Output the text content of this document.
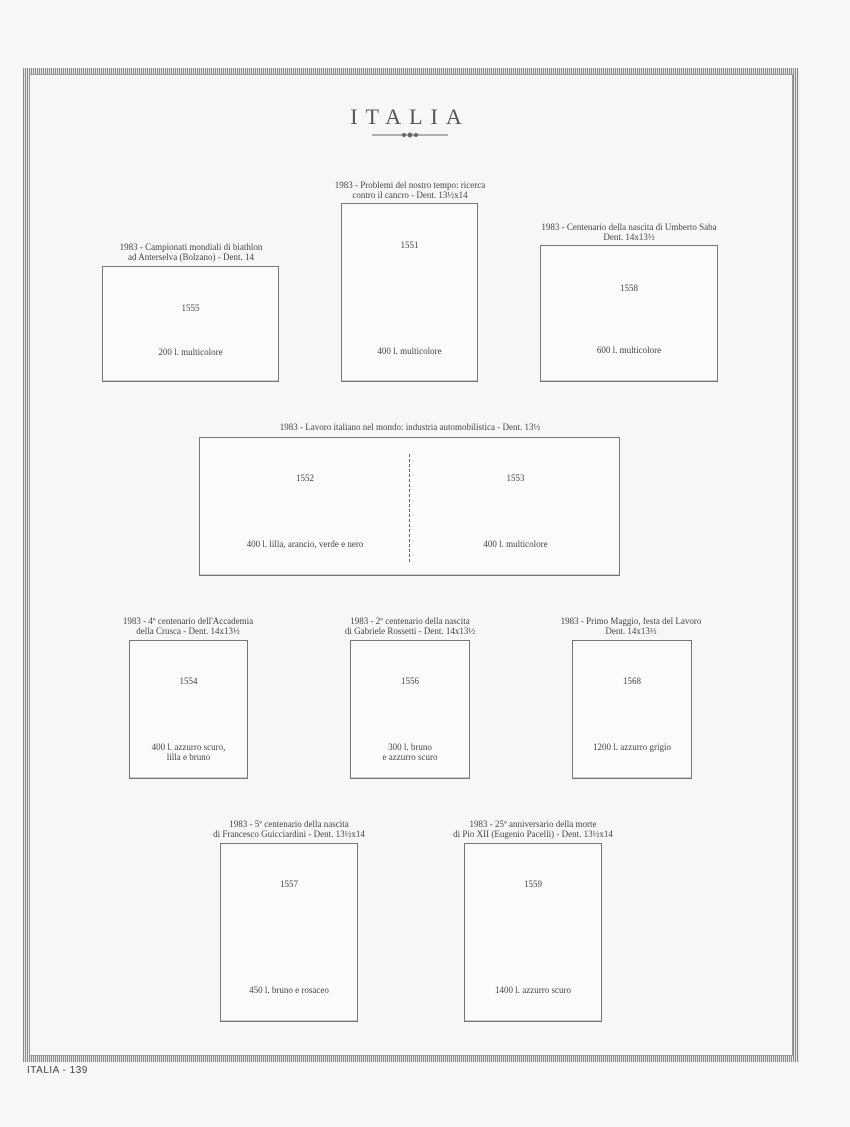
ITALIA
1983 - Problemi del nostro tempo: ricerca
contro il cancro - Dent. 13½x14
1551
400 l. multicolore
1983 - Campionati mondiali di biathlon
ad Anterselva (Bolzano) - Dent. 14
1555
200 l. multicolore
1983 - Centenario della nascita di Umberto Saba
Dent. 14x13½
1558
600 l. multicolore
1983 - Lavoro italiano nel mondo: industria automobilistica - Dent. 13½
1552
400 l. lilla, arancio, verde e nero
1553
400 l. multicolore
1983 - 4º centenario dell'Accademia
della Crusca - Dent. 14x13½
1554
400 l. azzurro scuro,
lilla e bruno
1983 - 2º centenario della nascita
di Gabriele Rossetti - Dent. 14x13½
1556
300 l. bruno
e azzurro scuro
1983 - Primo Maggio, festa del Lavoro
Dent. 14x13½
1568
1200 l. azzurro grigio
1983 - 5º centenario della nascita
di Francesco Guicciardini - Dent. 13½x14
1557
450 l. bruno e rosaceo
1983 - 25º anniversario della morte
di Pio XII (Eugenio Pacelli) - Dent. 13½x14
1559
1400 l. azzurro scuro
ITALIA - 139
